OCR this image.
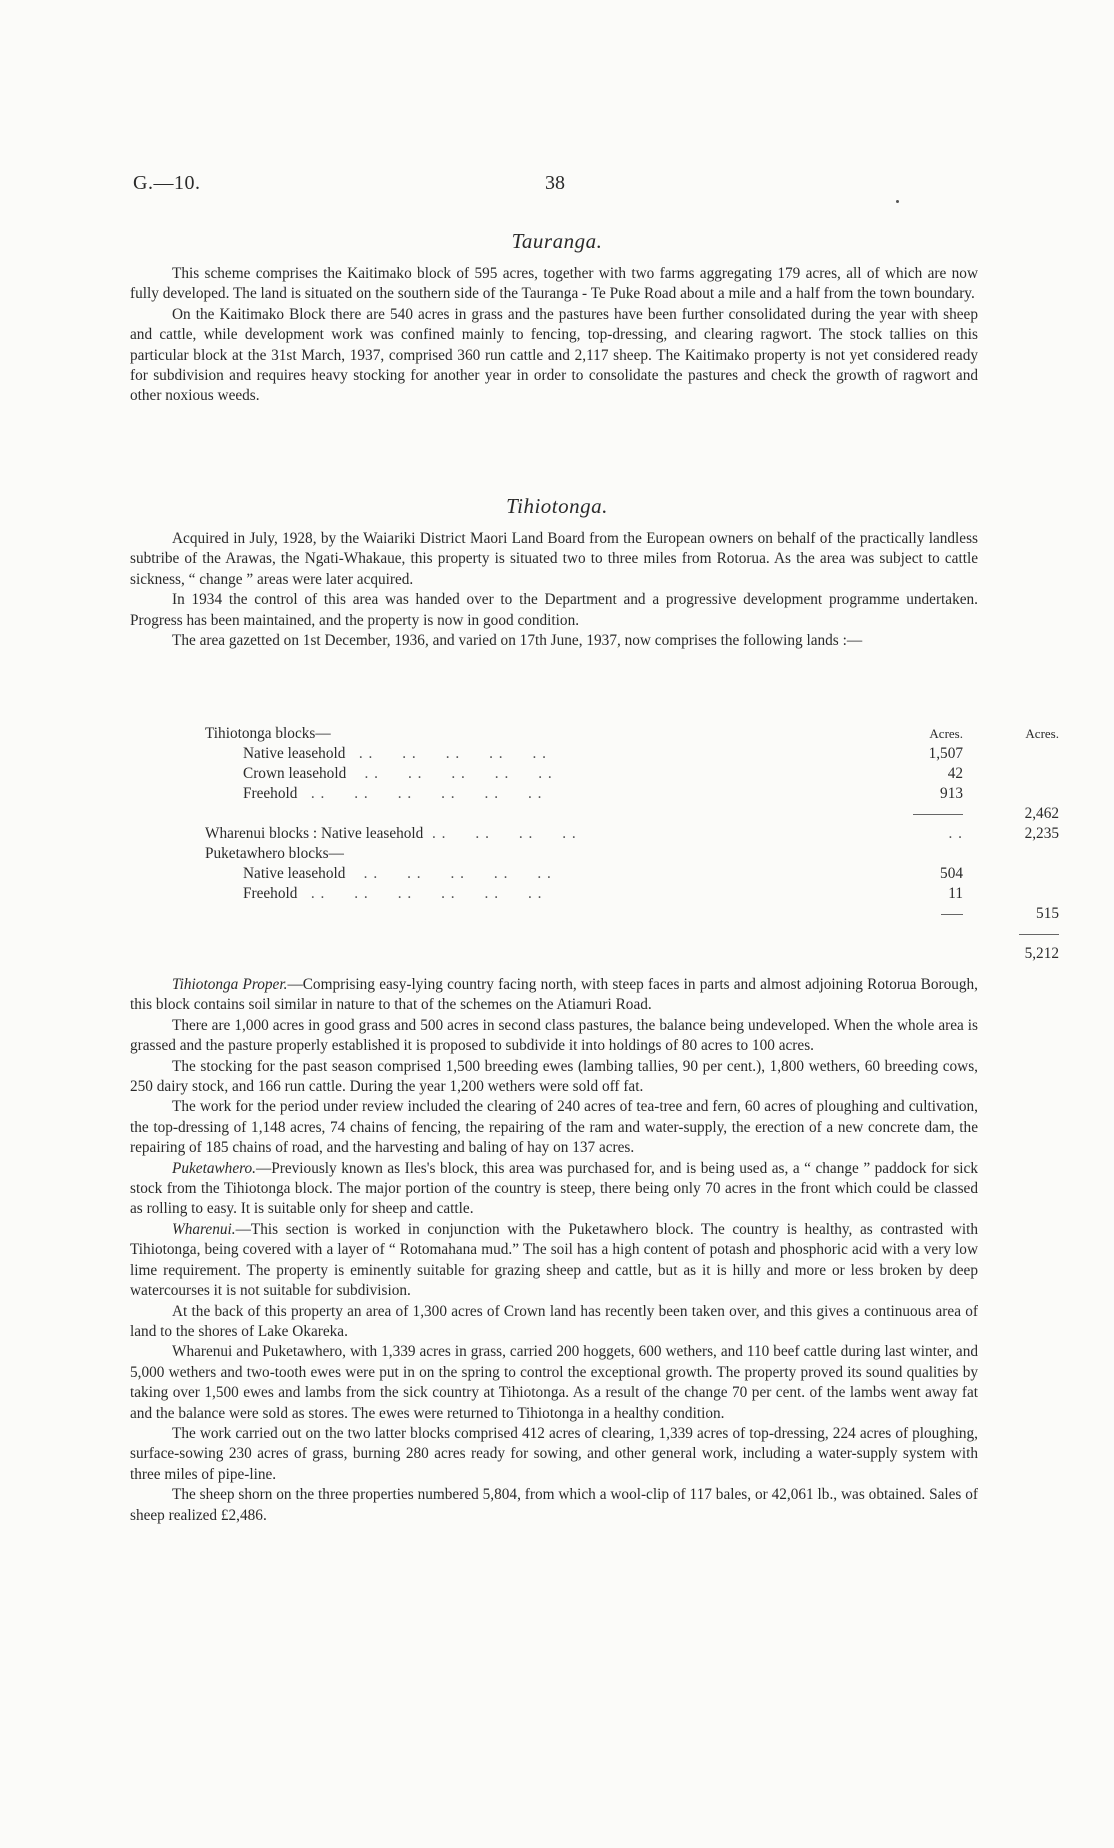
G.—10.	38
Tauranga.

This scheme comprises the Kaitimako block of 595 acres, together with two farms aggregating 179 acres, all of which are now fully developed. The land is situated on the southern side of the Tauranga - Te Puke Road about a mile and a half from the town boundary.

On the Kaitimako Block there are 540 acres in grass and the pastures have been further consolidated during the year with sheep and cattle, while development work was confined mainly to fencing, top-dressing, and clearing ragwort. The stock tallies on this particular block at the 31st March, 1937, comprised 360 run cattle and 2,117 sheep. The Kaitimako property is not yet considered ready for subdivision and requires heavy stocking for another year in order to consolidate the pastures and check the growth of ragwort and other noxious weeds.

Tihiotonga.

Acquired in July, 1928, by the Waiariki District Maori Land Board from the European owners on behalf of the practically landless subtribe of the Arawas, the Ngati-Whakaue, this property is situated two to three miles from Rotorua. As the area was subject to cattle sickness, “ change ” areas were later acquired.

In 1934 the control of this area was handed over to the Department and a progressive development programme undertaken. Progress has been maintained, and the property is now in good condition.

The area gazetted on 1st December, 1936, and varied on 17th June, 1937, now comprises the following lands :—

Tihiotonga blocks—	Acres.	Acres.
Native leasehold   . .      . .      . .      . .      . .	1,507	
Crown leasehold    . .      . .      . .      . .      . .	42	
Freehold   . .      . .      . .      . .      . .      . .	913	
		2,462
Wharenui blocks : Native leasehold  . .      . .      . .      . .	. .	2,235
Puketawhero blocks—		
Native leasehold    . .      . .      . .      . .      . .	504	
Freehold   . .      . .      . .      . .      . .      . .	11	
		515

		5,212

Tihiotonga Proper.—Comprising easy-lying country facing north, with steep faces in parts and almost adjoining Rotorua Borough, this block contains soil similar in nature to that of the schemes on the Atiamuri Road.

There are 1,000 acres in good grass and 500 acres in second class pastures, the balance being undeveloped. When the whole area is grassed and the pasture properly established it is proposed to subdivide it into holdings of 80 acres to 100 acres.

The stocking for the past season comprised 1,500 breeding ewes (lambing tallies, 90 per cent.), 1,800 wethers, 60 breeding cows, 250 dairy stock, and 166 run cattle. During the year 1,200 wethers were sold off fat.

The work for the period under review included the clearing of 240 acres of tea-tree and fern, 60 acres of ploughing and cultivation, the top-dressing of 1,148 acres, 74 chains of fencing, the repairing of the ram and water-supply, the erection of a new concrete dam, the repairing of 185 chains of road, and the harvesting and baling of hay on 137 acres.

Puketawhero.—Previously known as Iles's block, this area was purchased for, and is being used as, a “ change ” paddock for sick stock from the Tihiotonga block. The major portion of the country is steep, there being only 70 acres in the front which could be classed as rolling to easy. It is suitable only for sheep and cattle.

Wharenui.—This section is worked in conjunction with the Puketawhero block. The country is healthy, as contrasted with Tihiotonga, being covered with a layer of “ Rotomahana mud.” The soil has a high content of potash and phosphoric acid with a very low lime requirement. The property is eminently suitable for grazing sheep and cattle, but as it is hilly and more or less broken by deep watercourses it is not suitable for subdivision.

At the back of this property an area of 1,300 acres of Crown land has recently been taken over, and this gives a continuous area of land to the shores of Lake Okareka.

Wharenui and Puketawhero, with 1,339 acres in grass, carried 200 hoggets, 600 wethers, and 110 beef cattle during last winter, and 5,000 wethers and two-tooth ewes were put in on the spring to control the exceptional growth. The property proved its sound qualities by taking over 1,500 ewes and lambs from the sick country at Tihiotonga. As a result of the change 70 per cent. of the lambs went away fat and the balance were sold as stores. The ewes were returned to Tihiotonga in a healthy condition.

The work carried out on the two latter blocks comprised 412 acres of clearing, 1,339 acres of top-dressing, 224 acres of ploughing, surface-sowing 230 acres of grass, burning 280 acres ready for sowing, and other general work, including a water-supply system with three miles of pipe-line.

The sheep shorn on the three properties numbered 5,804, from which a wool-clip of 117 bales, or 42,061 lb., was obtained. Sales of sheep realized £2,486.
